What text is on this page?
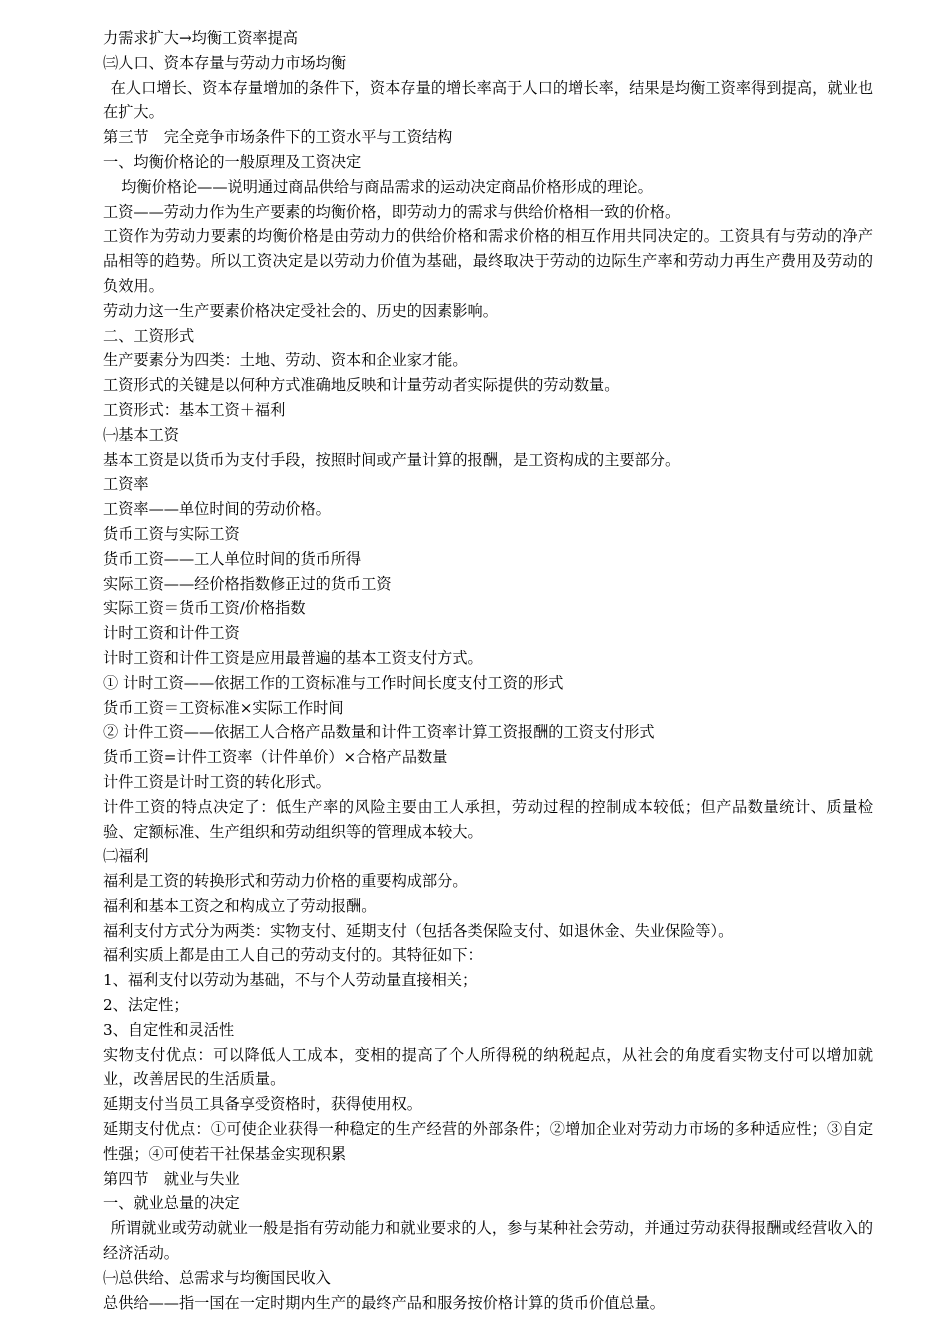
力需求扩大→均衡工资率提高

㈢人口、资本存量与劳动力市场均衡

在人口增长、资本存量增加的条件下，资本存量的增长率高于人口的增长率，结果是均衡工资率得到提高，就业也在扩大。

第三节　完全竞争市场条件下的工资水平与工资结构

一、均衡价格论的一般原理及工资决定

均衡价格论——说明通过商品供给与商品需求的运动决定商品价格形成的理论。

工资——劳动力作为生产要素的均衡价格，即劳动力的需求与供给价格相一致的价格。

工资作为劳动力要素的均衡价格是由劳动力的供给价格和需求价格的相互作用共同决定的。工资具有与劳动的净产品相等的趋势。所以工资决定是以劳动力价值为基础，最终取决于劳动的边际生产率和劳动力再生产费用及劳动的负效用。

劳动力这一生产要素价格决定受社会的、历史的因素影响。

二、工资形式

生产要素分为四类：土地、劳动、资本和企业家才能。

工资形式的关键是以何种方式准确地反映和计量劳动者实际提供的劳动数量。

工资形式：基本工资＋福利

㈠基本工资

基本工资是以货币为支付手段，按照时间或产量计算的报酬，是工资构成的主要部分。

工资率

工资率——单位时间的劳动价格。

货币工资与实际工资

货币工资——工人单位时间的货币所得

实际工资——经价格指数修正过的货币工资

实际工资＝货币工资/价格指数

计时工资和计件工资

计时工资和计件工资是应用最普遍的基本工资支付方式。

① 计时工资——依据工作的工资标准与工作时间长度支付工资的形式

货币工资＝工资标准×实际工作时间

② 计件工资——依据工人合格产品数量和计件工资率计算工资报酬的工资支付形式

货币工资=计件工资率（计件单价）×合格产品数量

计件工资是计时工资的转化形式。

计件工资的特点决定了：低生产率的风险主要由工人承担，劳动过程的控制成本较低；但产品数量统计、质量检验、定额标准、生产组织和劳动组织等的管理成本较大。

㈡福利

福利是工资的转换形式和劳动力价格的重要构成部分。

福利和基本工资之和构成立了劳动报酬。

福利支付方式分为两类：实物支付、延期支付（包括各类保险支付、如退休金、失业保险等）。

福利实质上都是由工人自己的劳动支付的。其特征如下：

1、福利支付以劳动为基础，不与个人劳动量直接相关；

2、法定性；

3、自定性和灵活性

实物支付优点：可以降低人工成本，变相的提高了个人所得税的纳税起点，从社会的角度看实物支付可以增加就业，改善居民的生活质量。

延期支付当员工具备享受资格时，获得使用权。

延期支付优点：①可使企业获得一种稳定的生产经营的外部条件；②增加企业对劳动力市场的多种适应性；③自定性强；④可使若干社保基金实现积累

第四节　就业与失业

一、就业总量的决定

所谓就业或劳动就业一般是指有劳动能力和就业要求的人，参与某种社会劳动，并通过劳动获得报酬或经营收入的经济活动。

㈠总供给、总需求与均衡国民收入

总供给——指一国在一定时期内生产的最终产品和服务按价格计算的货币价值总量。
